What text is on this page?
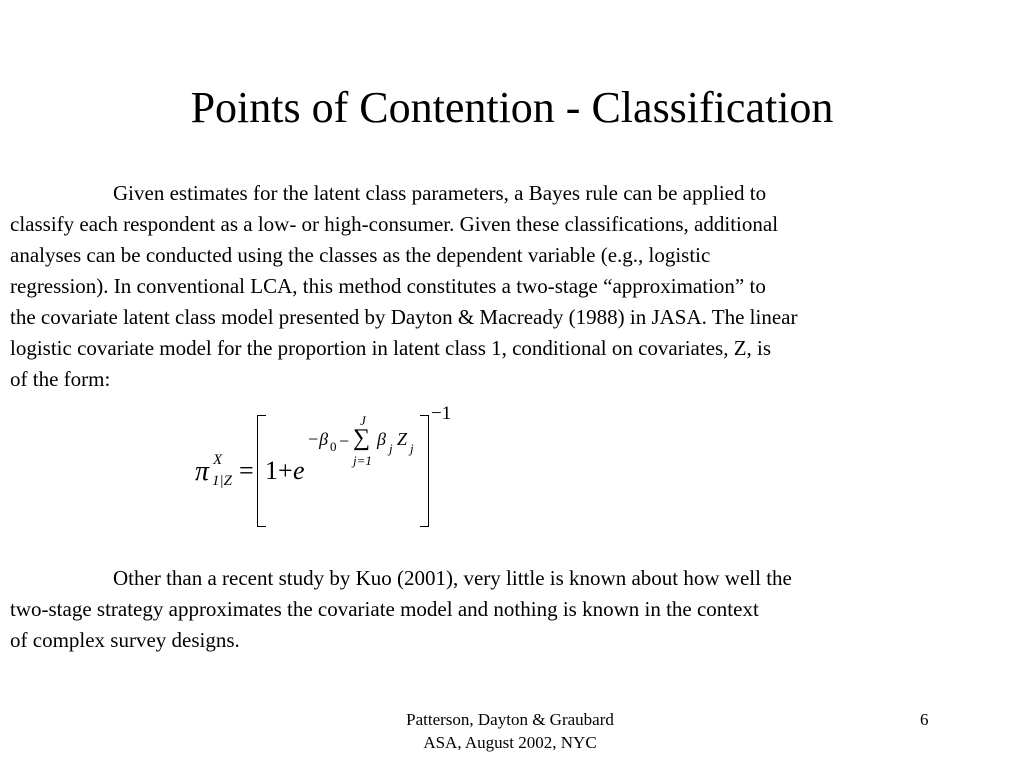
Points of Contention - Classification

Given estimates for the latent class parameters, a Bayes rule can be applied to
classify each respondent as a low- or high-consumer. Given these classifications, additional
analyses can be conducted using the classes as the dependent variable (e.g., logistic
regression). In conventional LCA, this method constitutes a two-stage “approximation” to
the covariate latent class model presented by Dayton & Macready (1988) in JASA. The linear
logistic covariate model for the proportion in latent class 1, conditional on covariates, Z, is
of the form:

π X
1|Z = 1+ e
−β 0 −
J
∑
j=1
β j Z j
−1

Other than a recent study by Kuo (2001), very little is known about how well the
two-stage strategy approximates the covariate model and nothing is known in the context
of complex survey designs.

Patterson, Dayton & Graubard
ASA, August 2002, NYC
6
